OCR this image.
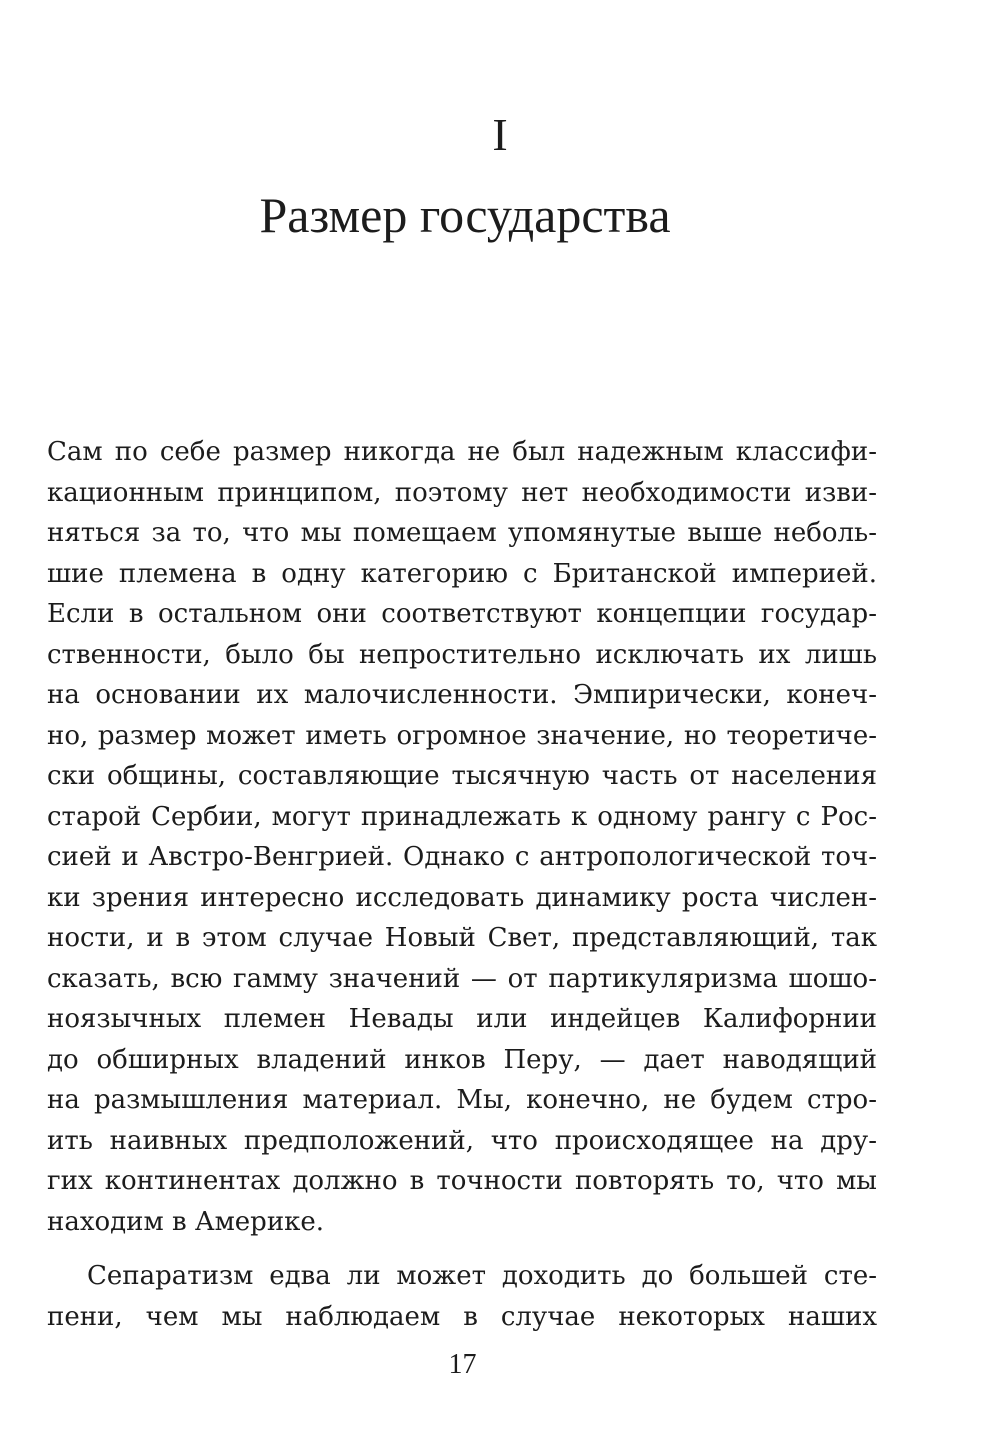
I
Размер государства
Сам по себе размер никогда не был надежным классифи-
кационным принципом, поэтому нет необходимости изви-
няться за то, что мы помещаем упомянутые выше неболь-
шие племена в одну категорию с Британской империей.
Если в остальном они соответствуют концепции государ-
ственности, было бы непростительно исключать их лишь
на основании их малочисленности. Эмпирически, конеч-
но, размер может иметь огромное значение, но теоретиче-
ски общины, составляющие тысячную часть от населения
старой Сербии, могут принадлежать к одному рангу с Рос-
сией и Австро-Венгрией. Однако с антропологической точ-
ки зрения интересно исследовать динамику роста числен-
ности, и в этом случае Новый Свет, представляющий, так
сказать, всю гамму значений — от партикуляризма шошо-
ноязычных племен Невады или индейцев Калифорнии
до обширных владений инков Перу, — дает наводящий
на размышления материал. Мы, конечно, не будем стро-
ить наивных предположений, что происходящее на дру-
гих континентах должно в точности повторять то, что мы
находим в Америке.
Сепаратизм едва ли может доходить до большей сте-
пени, чем мы наблюдаем в случае некоторых наших
17
